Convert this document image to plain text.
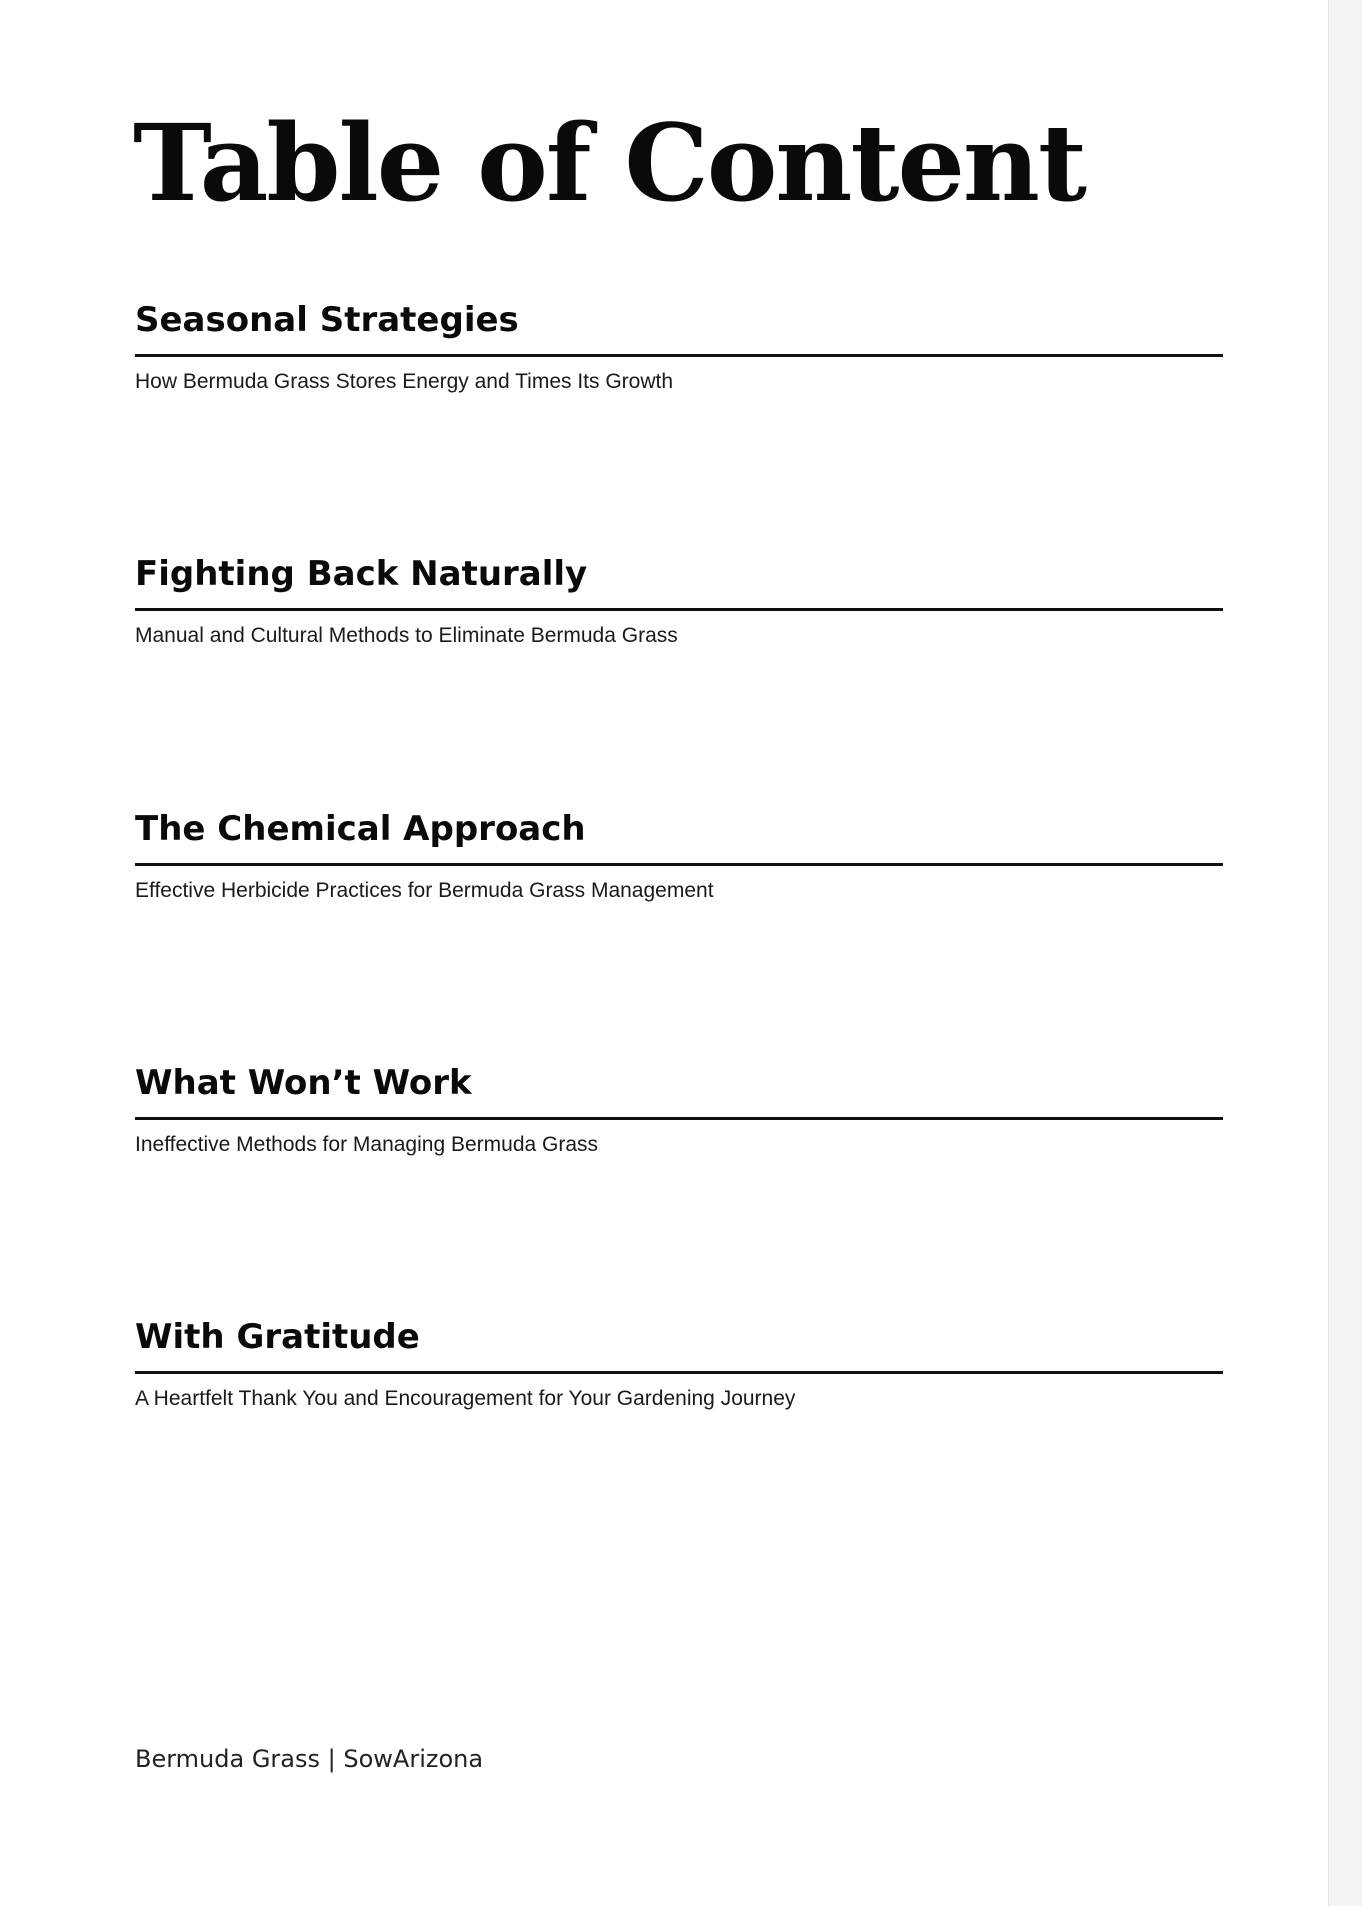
Table of Content
Seasonal Strategies
How Bermuda Grass Stores Energy and Times Its Growth
Fighting Back Naturally
Manual and Cultural Methods to Eliminate Bermuda Grass
The Chemical Approach
Effective Herbicide Practices for Bermuda Grass Management
What Won’t Work
Ineffective Methods for Managing Bermuda Grass
With Gratitude
A Heartfelt Thank You and Encouragement for Your Gardening Journey
Bermuda Grass | SowArizona
